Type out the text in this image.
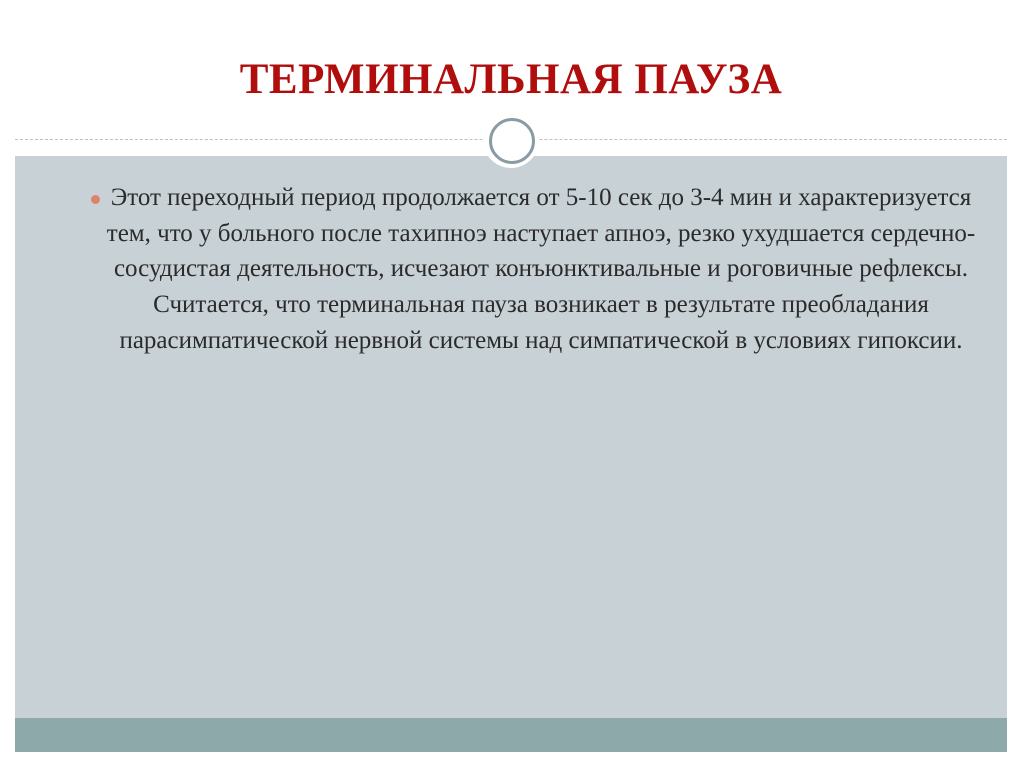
ТЕРМИНАЛЬНАЯ ПАУЗА
Этот переходный период продолжается от 5-10 сек до 3-4 мин и характеризуется тем, что у больного после тахипноэ наступает апноэ, резко ухудшается сердечно-сосудистая деятельность, исчезают конъюнктивальные и роговичные рефлексы. Считается, что терминальная пауза возникает в результате преобладания парасимпатической нервной системы над симпатической в условиях гипоксии.
